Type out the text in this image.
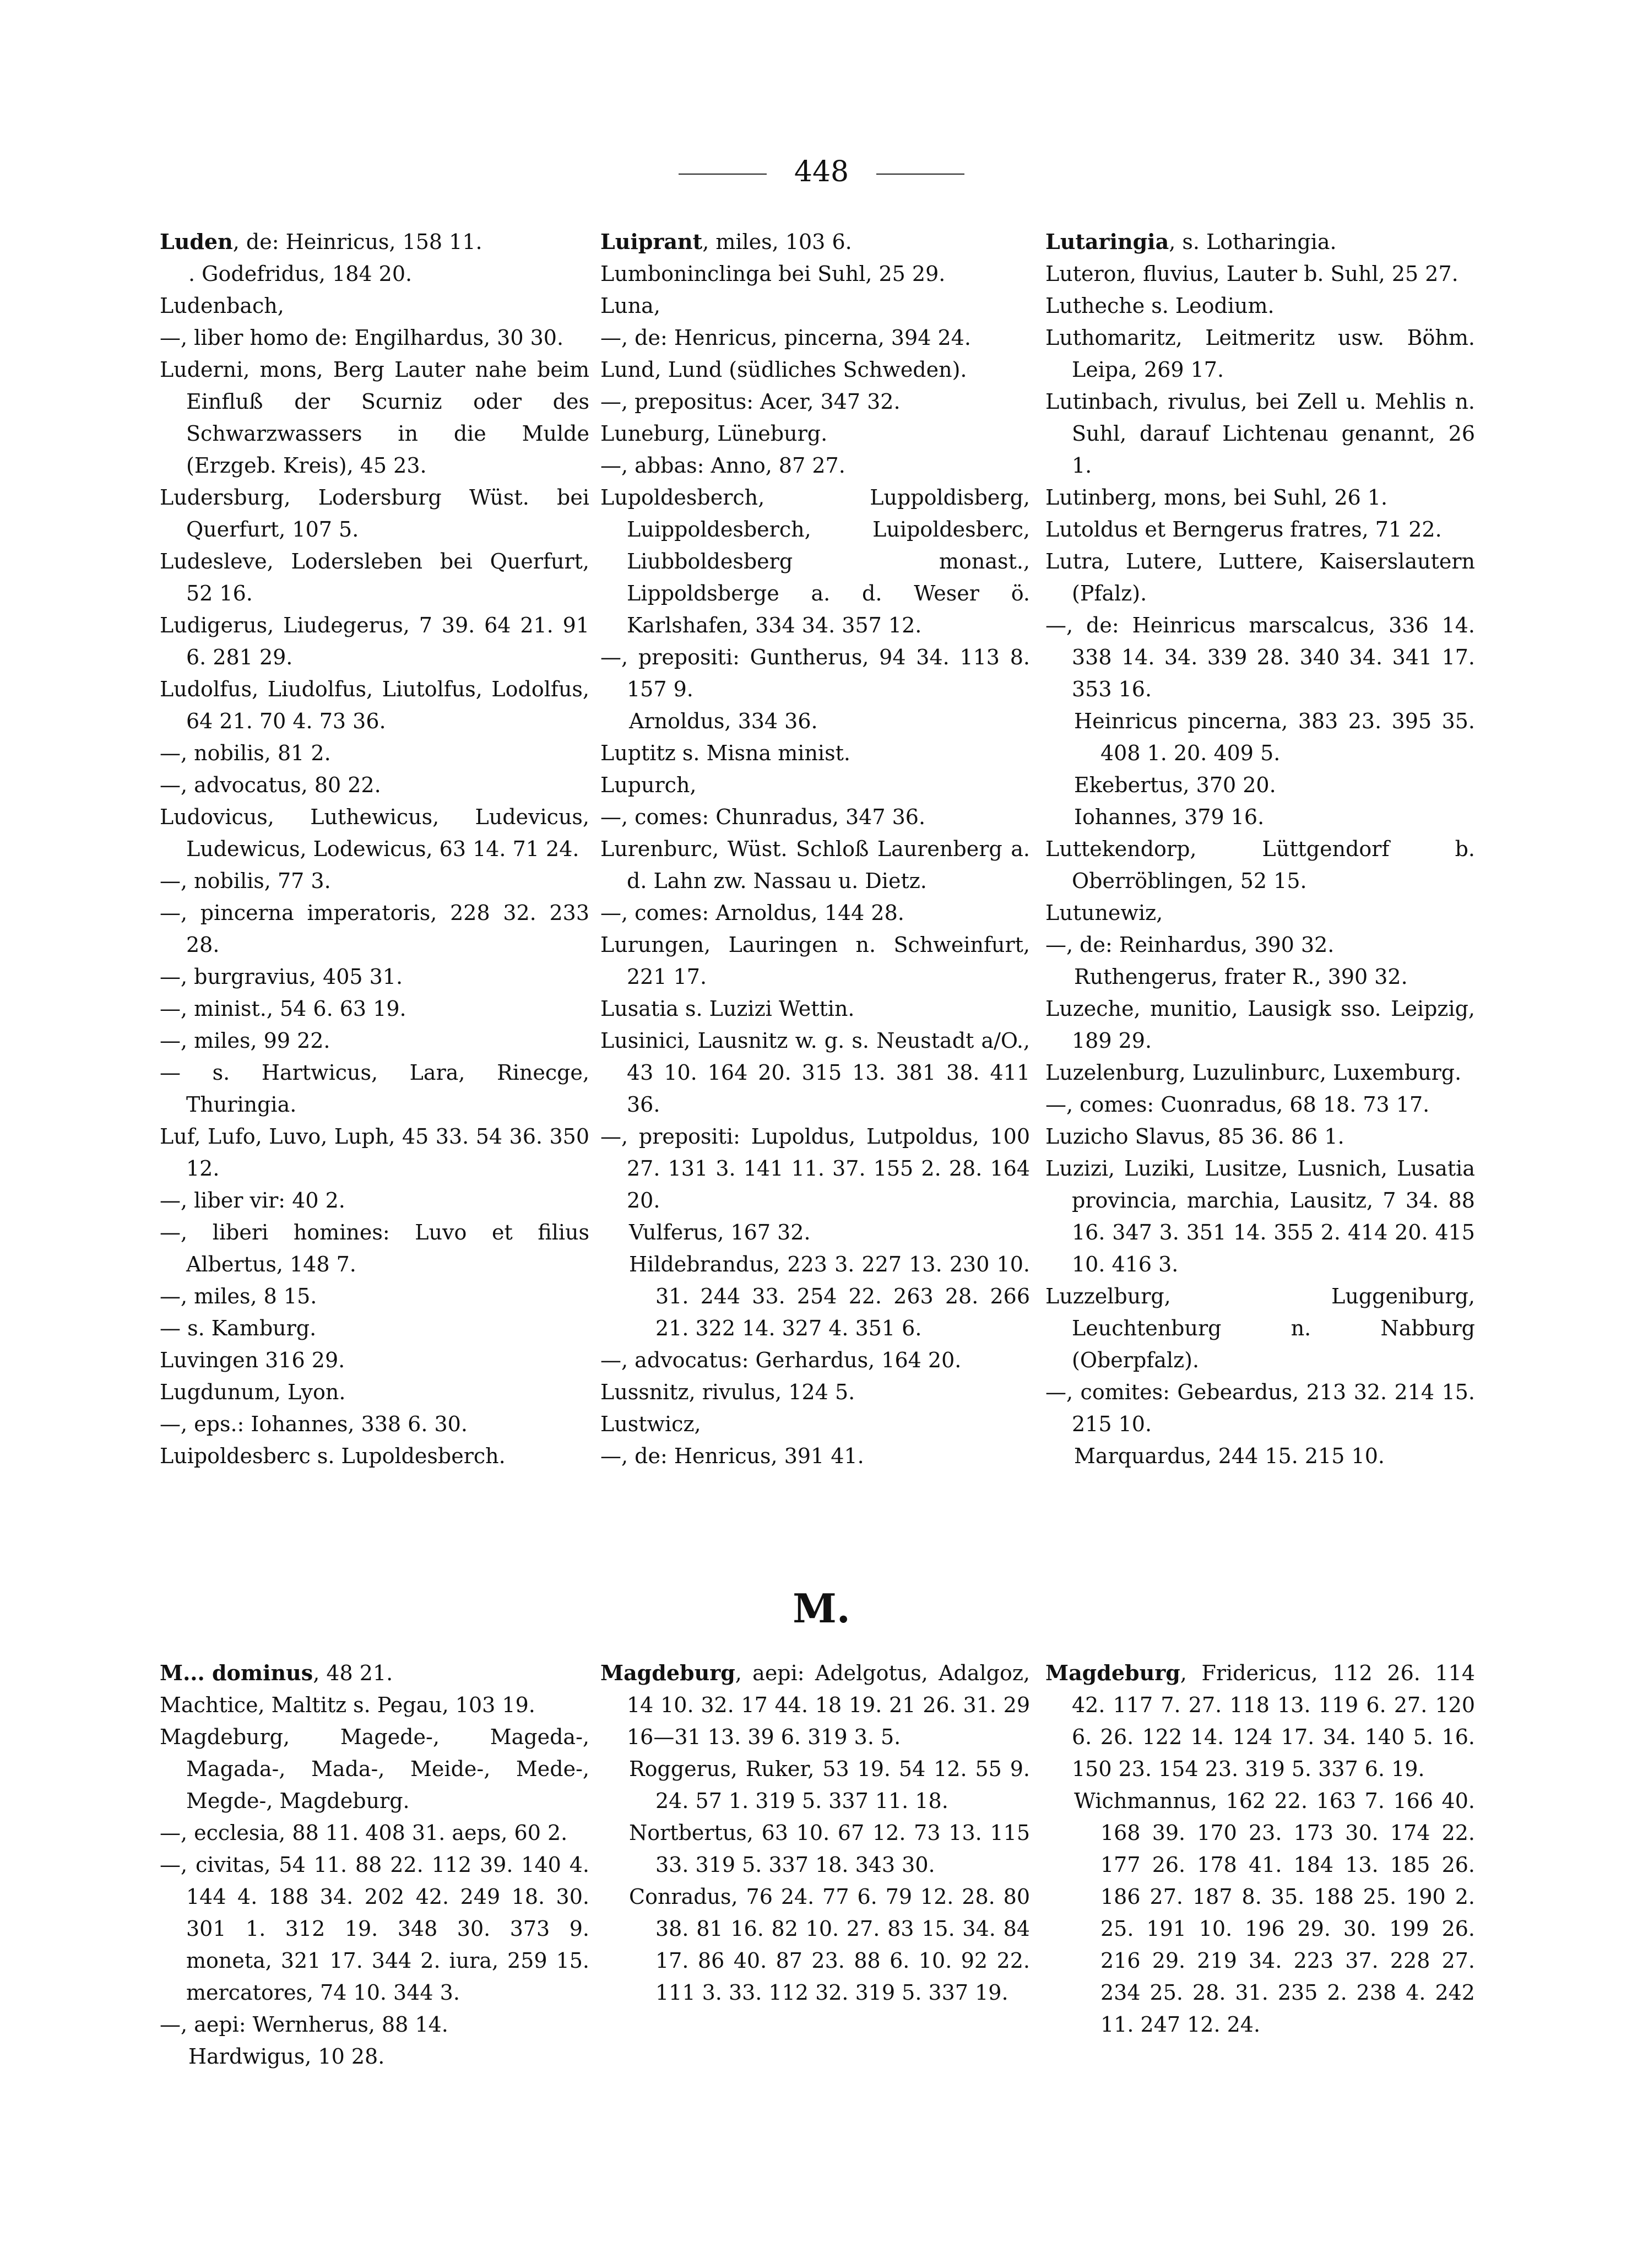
448
Luden, de: Heinricus, 158 11.
. Godefridus, 184 20.
Ludenbach,
—, liber homo de: Engilhardus, 30 30.
Luderni, mons, Berg Lauter nahe beim Einfluß der Scurniz oder des Schwarzwassers in die Mulde (Erzgeb. Kreis), 45 23.
Ludersburg, Lodersburg Wüst. bei Querfurt, 107 5.
Ludesleve, Lodersleben bei Querfurt, 52 16.
Ludigerus, Liudegerus, 7 39. 64 21. 91 6. 281 29.
Ludolfus, Liudolfus, Liutolfus, Lodolfus, 64 21. 70 4. 73 36.
—, nobilis, 81 2.
—, advocatus, 80 22.
Ludovicus, Luthewicus, Ludevicus, Ludewicus, Lodewicus, 63 14. 71 24.
—, nobilis, 77 3.
—, pincerna imperatoris, 228 32. 233 28.
—, burgravius, 405 31.
—, minist., 54 6. 63 19.
—, miles, 99 22.
— s. Hartwicus, Lara, Rinecge, Thuringia.
Luf, Lufo, Luvo, Luph, 45 33. 54 36. 350 12.
—, liber vir: 40 2.
—, liberi homines: Luvo et filius Albertus, 148 7.
—, miles, 8 15.
— s. Kamburg.
Luvingen 316 29.
Lugdunum, Lyon.
—, eps.: Iohannes, 338 6. 30.
Luipoldesberc s. Lupoldesberch.
Luiprant, miles, 103 6.
Lumboninclinga bei Suhl, 25 29.
Luna,
—, de: Henricus, pincerna, 394 24.
Lund, Lund (südliches Schweden).
—, prepositus: Acer, 347 32.
Luneburg, Lüneburg.
—, abbas: Anno, 87 27.
Lupoldesberch, Luppoldisberg, Luippoldesberch, Luipoldesberc, Liubboldesberg monast., Lippoldsberge a. d. Weser ö. Karlshafen, 334 34. 357 12.
—, prepositi: Guntherus, 94 34. 113 8. 157 9.
Arnoldus, 334 36.
Luptitz s. Misna minist.
Lupurch,
—, comes: Chunradus, 347 36.
Lurenburc, Wüst. Schloß Laurenberg a. d. Lahn zw. Nassau u. Dietz.
—, comes: Arnoldus, 144 28.
Lurungen, Lauringen n. Schweinfurt, 221 17.
Lusatia s. Luzizi Wettin.
Lusinici, Lausnitz w. g. s. Neustadt a/O., 43 10. 164 20. 315 13. 381 38. 411 36.
—, prepositi: Lupoldus, Lutpoldus, 100 27. 131 3. 141 11. 37. 155 2. 28. 164 20.
Vulferus, 167 32.
Hildebrandus, 223 3. 227 13. 230 10. 31. 244 33. 254 22. 263 28. 266 21. 322 14. 327 4. 351 6.
—, advocatus: Gerhardus, 164 20.
Lussnitz, rivulus, 124 5.
Lustwicz,
—, de: Henricus, 391 41.
Lutaringia, s. Lotharingia.
Luteron, fluvius, Lauter b. Suhl, 25 27.
Lutheche s. Leodium.
Luthomaritz, Leitmeritz usw. Böhm. Leipa, 269 17.
Lutinbach, rivulus, bei Zell u. Mehlis n. Suhl, darauf Lichtenau genannt, 26 1.
Lutinberg, mons, bei Suhl, 26 1.
Lutoldus et Berngerus fratres, 71 22.
Lutra, Lutere, Luttere, Kaiserslautern (Pfalz).
—, de: Heinricus marscalcus, 336 14. 338 14. 34. 339 28. 340 34. 341 17. 353 16.
Heinricus pincerna, 383 23. 395 35. 408 1. 20. 409 5.
Ekebertus, 370 20.
Iohannes, 379 16.
Luttekendorp, Lüttgendorf b. Oberröblingen, 52 15.
Lutunewiz,
—, de: Reinhardus, 390 32.
Ruthengerus, frater R., 390 32.
Luzeche, munitio, Lausigk sso. Leipzig, 189 29.
Luzelenburg, Luzulinburc, Luxemburg.
—, comes: Cuonradus, 68 18. 73 17.
Luzicho Slavus, 85 36. 86 1.
Luzizi, Luziki, Lusitze, Lusnich, Lusatia provincia, marchia, Lausitz, 7 34. 88 16. 347 3. 351 14. 355 2. 414 20. 415 10. 416 3.
Luzzelburg, Luggeniburg, Leuchtenburg n. Nabburg (Oberpfalz).
—, comites: Gebeardus, 213 32. 214 15. 215 10.
Marquardus, 244 15. 215 10.
M.
M... dominus, 48 21.
Machtice, Maltitz s. Pegau, 103 19.
Magdeburg, Magede-, Mageda-, Magada-, Mada-, Meide-, Mede-, Megde-, Magdeburg.
—, ecclesia, 88 11. 408 31. aeps, 60 2.
—, civitas, 54 11. 88 22. 112 39. 140 4. 144 4. 188 34. 202 42. 249 18. 30. 301 1. 312 19. 348 30. 373 9. moneta, 321 17. 344 2. iura, 259 15. mercatores, 74 10. 344 3.
—, aepi: Wernherus, 88 14.
Hardwigus, 10 28.
Magdeburg, aepi: Adelgotus, Adalgoz, 14 10. 32. 17 44. 18 19. 21 26. 31. 29 16—31 13. 39 6. 319 3. 5.
Roggerus, Ruker, 53 19. 54 12. 55 9. 24. 57 1. 319 5. 337 11. 18.
Nortbertus, 63 10. 67 12. 73 13. 115 33. 319 5. 337 18. 343 30.
Conradus, 76 24. 77 6. 79 12. 28. 80 38. 81 16. 82 10. 27. 83 15. 34. 84 17. 86 40. 87 23. 88 6. 10. 92 22. 111 3. 33. 112 32. 319 5. 337 19.
Magdeburg, Fridericus, 112 26. 114 42. 117 7. 27. 118 13. 119 6. 27. 120 6. 26. 122 14. 124 17. 34. 140 5. 16. 150 23. 154 23. 319 5. 337 6. 19.
Wichmannus, 162 22. 163 7. 166 40. 168 39. 170 23. 173 30. 174 22. 177 26. 178 41. 184 13. 185 26. 186 27. 187 8. 35. 188 25. 190 2. 25. 191 10. 196 29. 30. 199 26. 216 29. 219 34. 223 37. 228 27. 234 25. 28. 31. 235 2. 238 4. 242 11. 247 12. 24.
